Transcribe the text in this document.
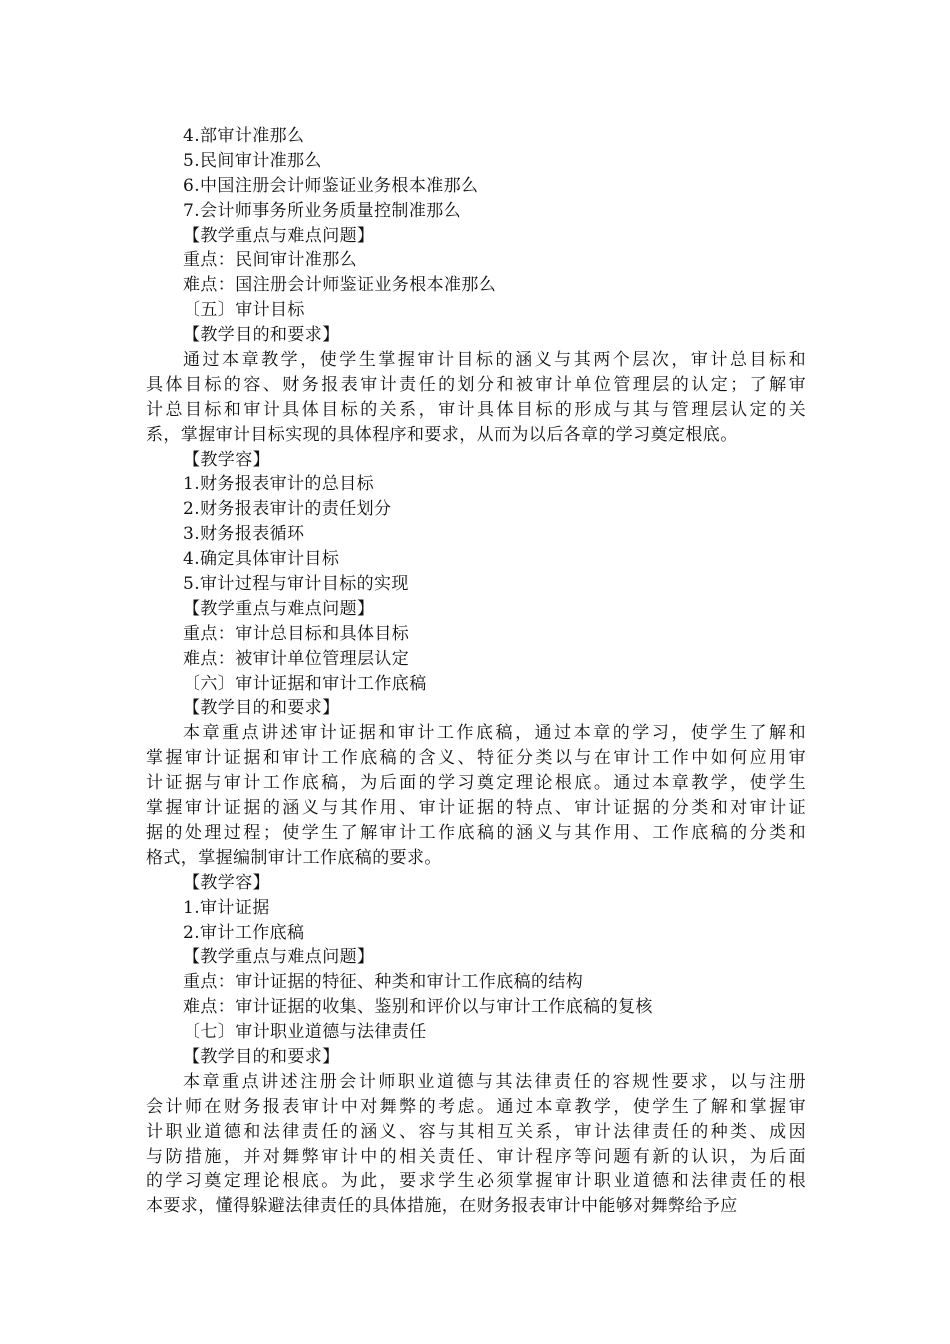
4.部审计准那么
5.民间审计准那么
6.中国注册会计师鉴证业务根本准那么
7.会计师事务所业务质量控制准那么
【教学重点与难点问题】
重点：民间审计准那么
难点：国注册会计师鉴证业务根本准那么
〔五〕审计目标
【教学目的和要求】
通过本章教学，使学生掌握审计目标的涵义与其两个层次，审计总目标和
具体目标的容、财务报表审计责任的划分和被审计单位管理层的认定；了解审
计总目标和审计具体目标的关系，审计具体目标的形成与其与管理层认定的关
系，掌握审计目标实现的具体程序和要求，从而为以后各章的学习奠定根底。
【教学容】
1.财务报表审计的总目标
2.财务报表审计的责任划分
3.财务报表循环
4.确定具体审计目标
5.审计过程与审计目标的实现
【教学重点与难点问题】
重点：审计总目标和具体目标
难点：被审计单位管理层认定
〔六〕审计证据和审计工作底稿
【教学目的和要求】
本章重点讲述审计证据和审计工作底稿，通过本章的学习，使学生了解和
掌握审计证据和审计工作底稿的含义、特征分类以与在审计工作中如何应用审
计证据与审计工作底稿，为后面的学习奠定理论根底。通过本章教学，使学生
掌握审计证据的涵义与其作用、审计证据的特点、审计证据的分类和对审计证
据的处理过程；使学生了解审计工作底稿的涵义与其作用、工作底稿的分类和
格式，掌握编制审计工作底稿的要求。
【教学容】
1.审计证据
2.审计工作底稿
【教学重点与难点问题】
重点：审计证据的特征、种类和审计工作底稿的结构
难点：审计证据的收集、鉴别和评价以与审计工作底稿的复核
〔七〕审计职业道德与法律责任
【教学目的和要求】
本章重点讲述注册会计师职业道德与其法律责任的容规性要求，以与注册
会计师在财务报表审计中对舞弊的考虑。通过本章教学，使学生了解和掌握审
计职业道德和法律责任的涵义、容与其相互关系，审计法律责任的种类、成因
与防措施，并对舞弊审计中的相关责任、审计程序等问题有新的认识，为后面
的学习奠定理论根底。为此，要求学生必须掌握审计职业道德和法律责任的根
本要求，懂得躲避法律责任的具体措施，在财务报表审计中能够对舞弊给予应
